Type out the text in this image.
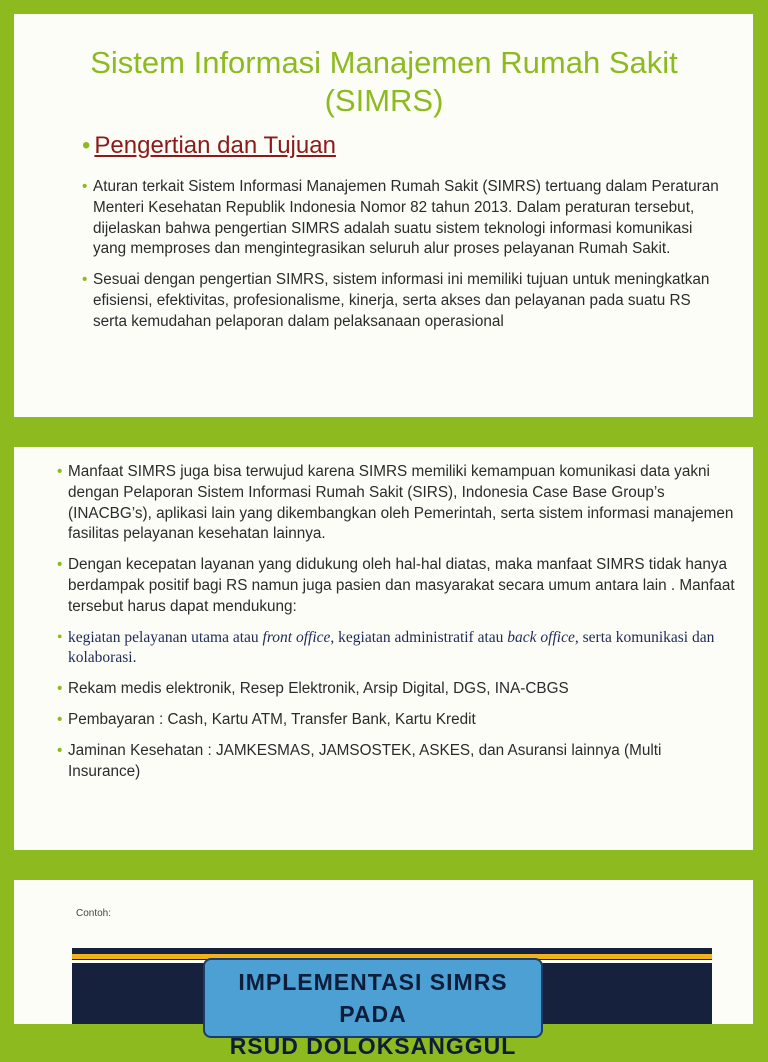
Sistem Informasi Manajemen Rumah Sakit (SIMRS)
• Pengertian dan Tujuan
• Aturan terkait Sistem Informasi Manajemen Rumah Sakit (SIMRS) tertuang dalam Peraturan Menteri Kesehatan Republik Indonesia Nomor 82 tahun 2013. Dalam peraturan tersebut, dijelaskan bahwa pengertian SIMRS adalah suatu sistem teknologi informasi komunikasi yang memproses dan mengintegrasikan seluruh alur proses pelayanan Rumah Sakit.
• Sesuai dengan pengertian SIMRS, sistem informasi ini memiliki tujuan untuk meningkatkan efisiensi, efektivitas, profesionalisme, kinerja, serta akses dan pelayanan pada suatu RS serta kemudahan pelaporan dalam pelaksanaan operasional
• Manfaat SIMRS juga bisa terwujud karena SIMRS memiliki kemampuan komunikasi data yakni dengan Pelaporan Sistem Informasi Rumah Sakit (SIRS), Indonesia Case Base Group’s (INACBG’s), aplikasi lain yang dikembangkan oleh Pemerintah, serta sistem informasi manajemen fasilitas pelayanan kesehatan lainnya.
• Dengan kecepatan layanan yang didukung oleh hal-hal diatas, maka manfaat SIMRS tidak hanya berdampak positif bagi RS namun juga pasien dan masyarakat secara umum antara lain . Manfaat tersebut harus dapat mendukung:
• kegiatan pelayanan utama atau front office, kegiatan administratif atau back office, serta komunikasi dan kolaborasi.
• Rekam medis elektronik, Resep Elektronik, Arsip Digital, DGS, INA-CBGS
• Pembayaran : Cash, Kartu ATM, Transfer Bank, Kartu Kredit
• Jaminan Kesehatan : JAMKESMAS, JAMSOSTEK, ASKES, dan Asuransi lainnya (Multi Insurance)
Contoh:
IMPLEMENTASI SIMRS PADA
RSUD DOLOKSANGGUL
